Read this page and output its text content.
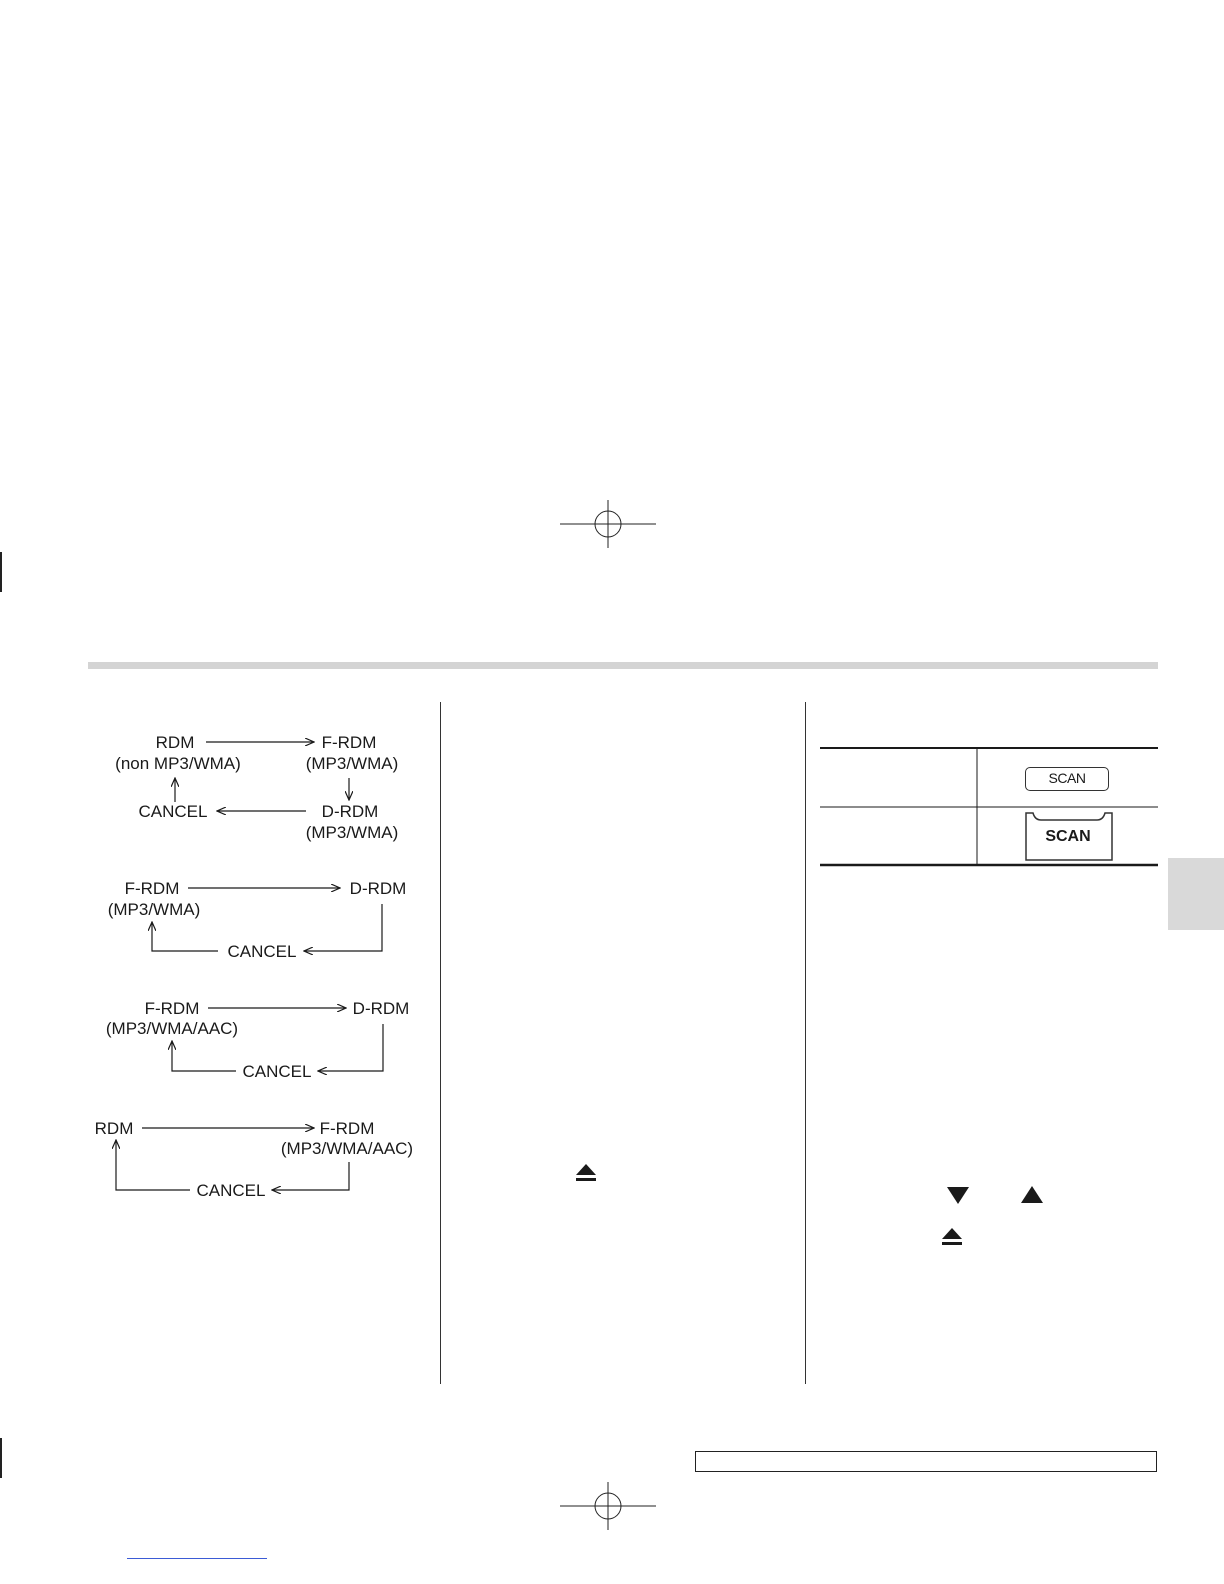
RDM
(non MP3/WMA)
F-RDM
(MP3/WMA)
CANCEL	D-RDM
(MP3/WMA)
F-RDM
(MP3/WMA)
D-RDM
CANCEL
F-RDM
(MP3/WMA/AAC)
D-RDM
CANCEL
RDM	F-RDM
(MP3/WMA/AAC)
CANCEL
SCAN
SCAN
